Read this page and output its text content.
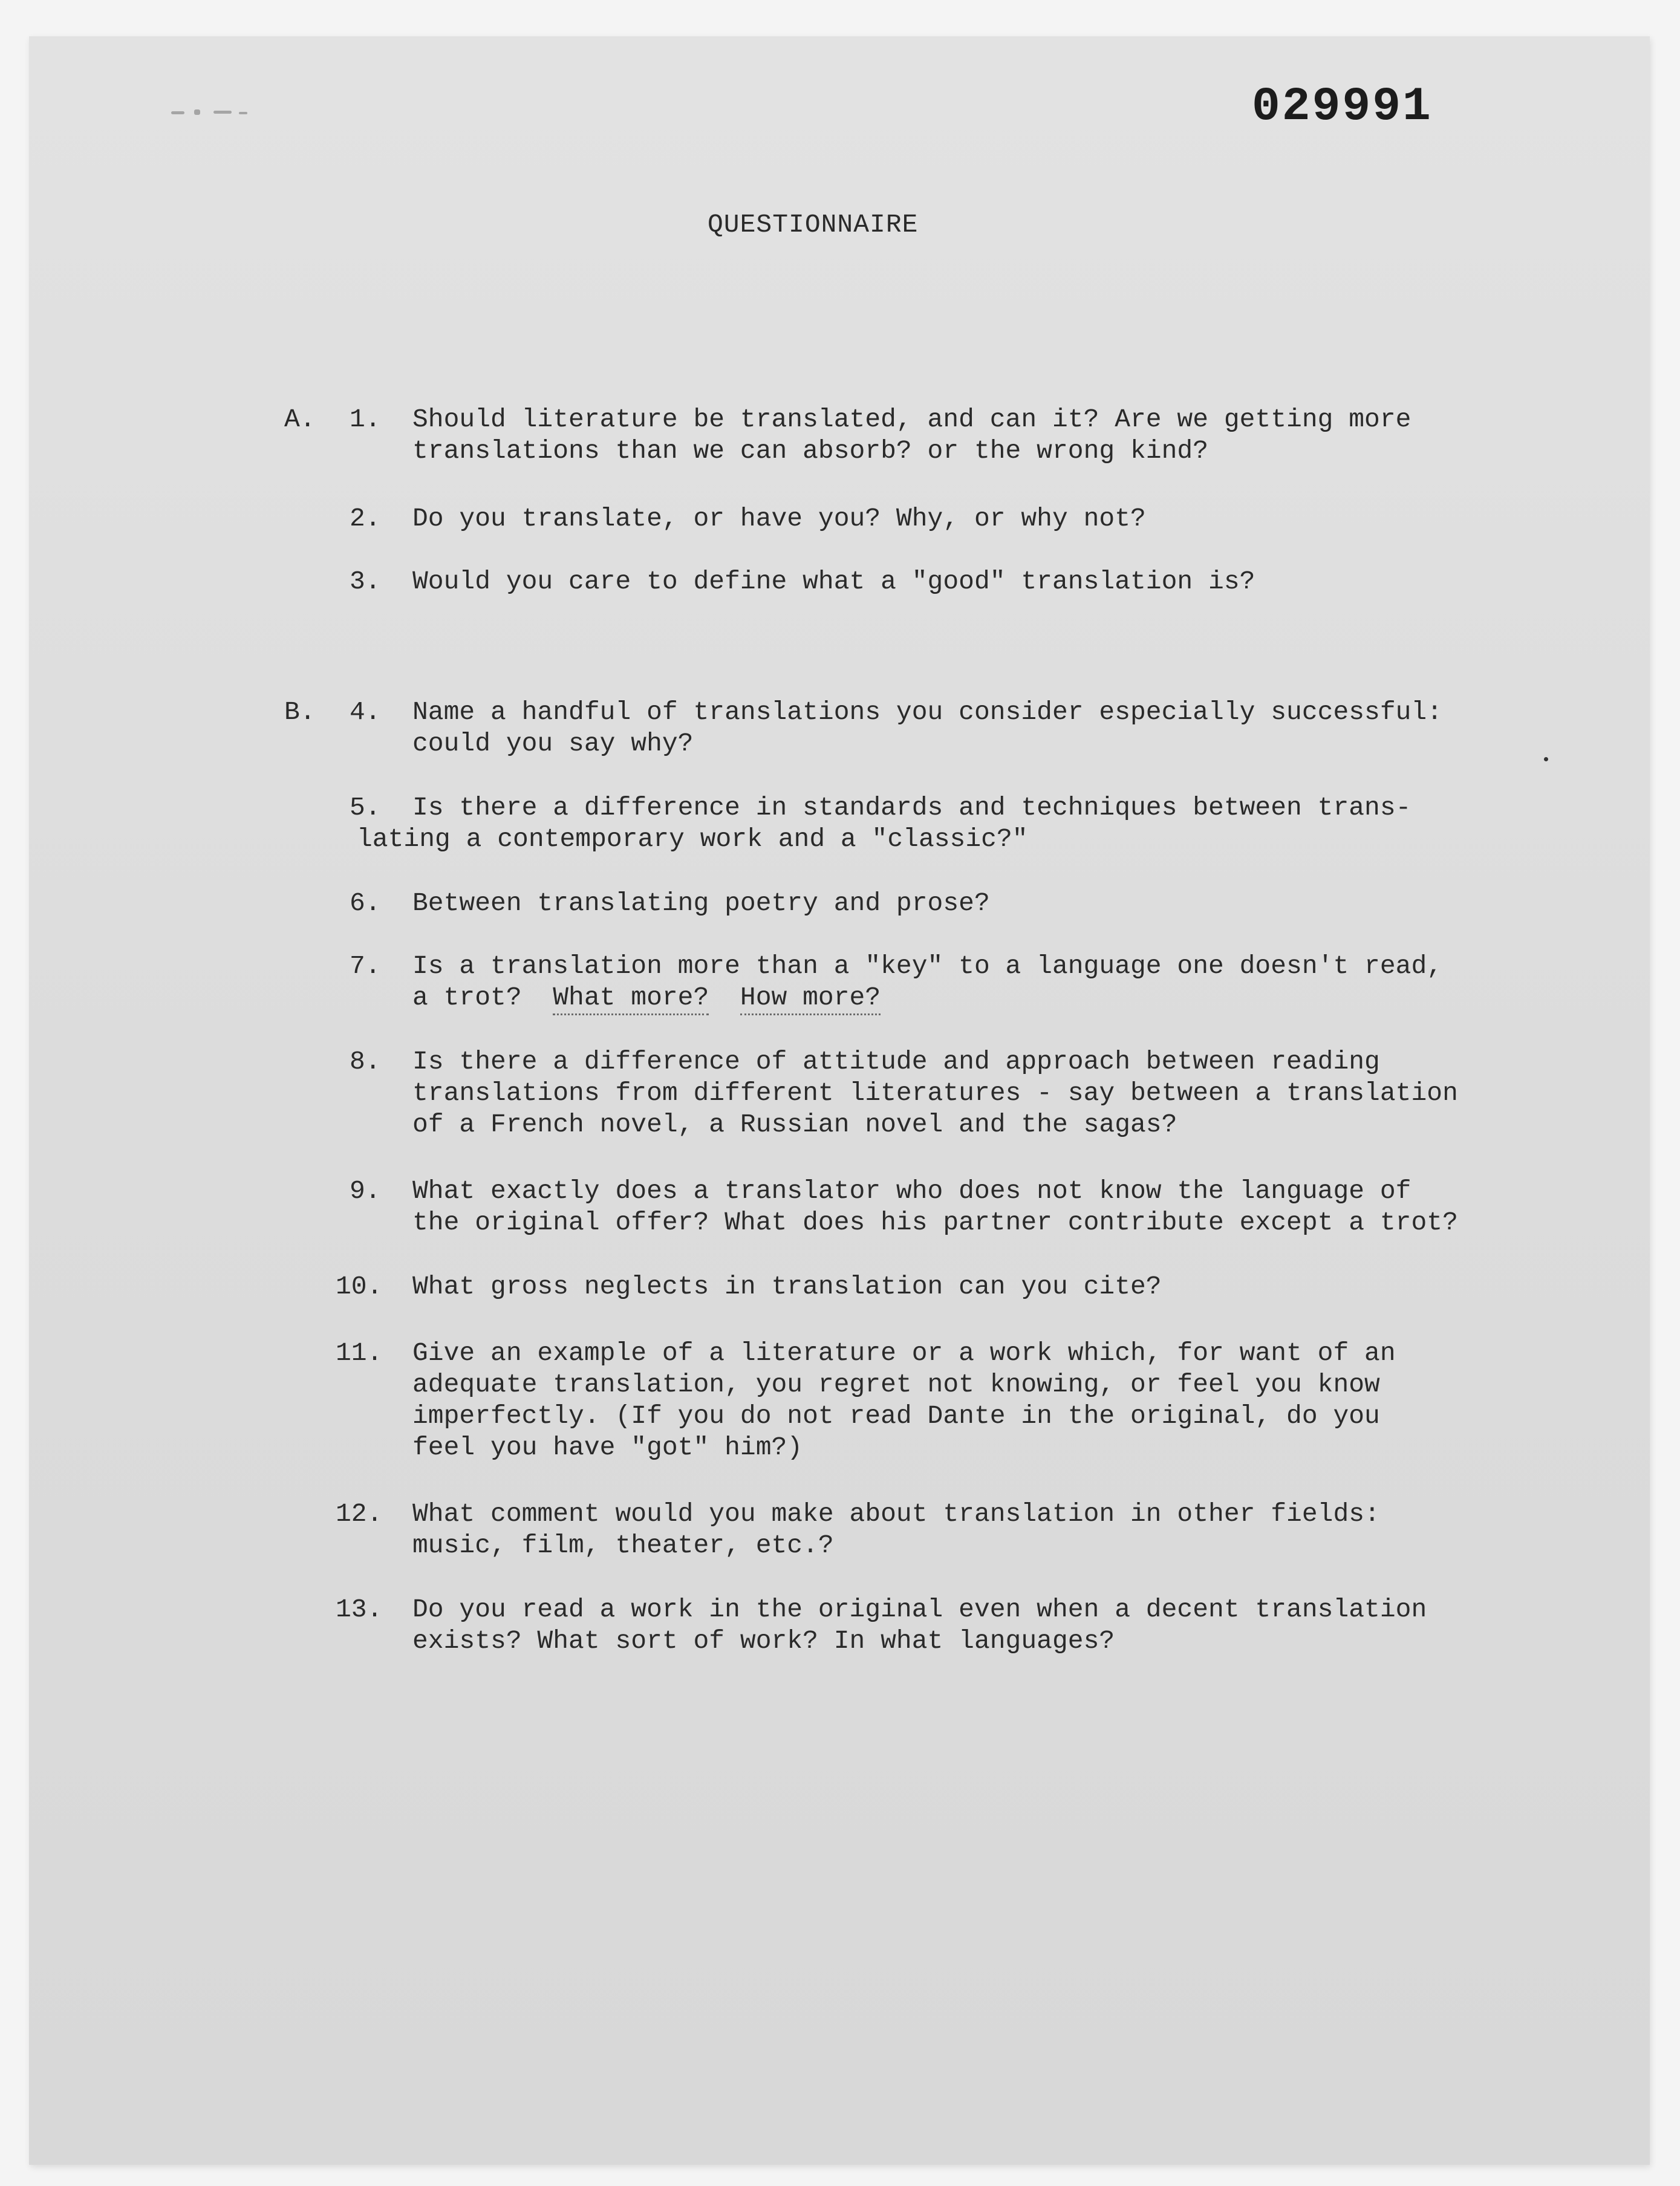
029991
QUESTIONNAIRE
A. 1. Should literature be translated, and can it? Are we getting more
translations than we can absorb? or the wrong kind?
2. Do you translate, or have you? Why, or why not?
3. Would you care to define what a "good" translation is?
B. 4. Name a handful of translations you consider especially successful:
could you say why?
5. Is there a difference in standards and techniques between trans-
lating a contemporary work and a "classic?"
6. Between translating poetry and prose?
7. Is a translation more than a "key" to a language one doesn't read,
a trot?  What more? How more?
8. Is there a difference of attitude and approach between reading
translations from different literatures - say between a translation
of a French novel, a Russian novel and the sagas?
9. What exactly does a translator who does not know the language of
the original offer? What does his partner contribute except a trot?
10. What gross neglects in translation can you cite?
11. Give an example of a literature or a work which, for want of an
adequate translation, you regret not knowing, or feel you know
imperfectly. (If you do not read Dante in the original, do you
feel you have "got" him?)
12. What comment would you make about translation in other fields:
music, film, theater, etc.?
13. Do you read a work in the original even when a decent translation
exists? What sort of work? In what languages?
